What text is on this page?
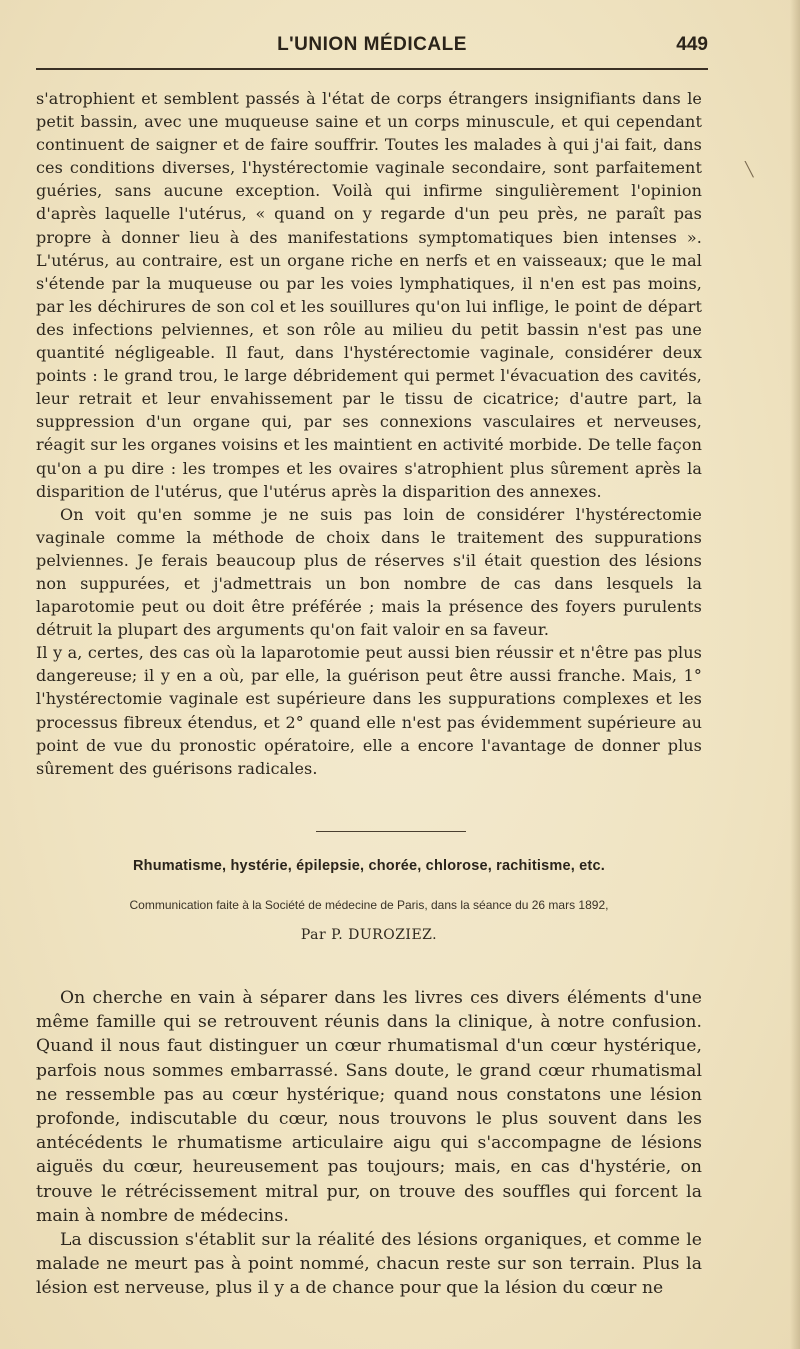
L'UNION MÉDICALE	449
╲

s'atrophient et semblent passés à l'état de corps étrangers insignifiants dans le petit bassin, avec une muqueuse saine et un corps minuscule, et qui cependant continuent de saigner et de faire souffrir. Toutes les malades à qui j'ai fait, dans ces conditions diverses, l'hystérectomie vaginale secondaire, sont parfaitement guéries, sans aucune exception. Voilà qui infirme singulièrement l'opinion d'après laquelle l'utérus, « quand on y regarde d'un peu près, ne paraît pas propre à donner lieu à des manifestations symptomatiques bien intenses ». L'utérus, au contraire, est un organe riche en nerfs et en vaisseaux; que le mal s'étende par la muqueuse ou par les voies lymphatiques, il n'en est pas moins, par les déchirures de son col et les souillures qu'on lui inflige, le point de départ des infections pelviennes, et son rôle au milieu du petit bassin n'est pas une quantité négligeable. Il faut, dans l'hystérectomie vaginale, considérer deux points : le grand trou, le large débridement qui permet l'évacuation des cavités, leur retrait et leur envahissement par le tissu de cicatrice; d'autre part, la suppression d'un organe qui, par ses connexions vasculaires et nerveuses, réagit sur les organes voisins et les maintient en activité morbide. De telle façon qu'on a pu dire : les trompes et les ovaires s'atrophient plus sûrement après la disparition de l'utérus, que l'utérus après la disparition des annexes.

On voit qu'en somme je ne suis pas loin de considérer l'hystérectomie vaginale comme la méthode de choix dans le traitement des suppurations pelviennes. Je ferais beaucoup plus de réserves s'il était question des lésions non suppurées, et j'admettrais un bon nombre de cas dans lesquels la laparotomie peut ou doit être préférée ; mais la présence des foyers purulents détruit la plupart des arguments qu'on fait valoir en sa faveur.

Il y a, certes, des cas où la laparotomie peut aussi bien réussir et n'être pas plus dangereuse; il y en a où, par elle, la guérison peut être aussi franche. Mais, 1° l'hystérectomie vaginale est supérieure dans les suppurations complexes et les processus fibreux étendus, et 2° quand elle n'est pas évidemment supérieure au point de vue du pronostic opératoire, elle a encore l'avantage de donner plus sûrement des guérisons radicales.

Rhumatisme, hystérie, épilepsie, chorée, chlorose, rachitisme, etc.
Communication faite à la Société de médecine de Paris, dans la séance du 26 mars 1892,
Par P. DUROZIEZ.

On cherche en vain à séparer dans les livres ces divers éléments d'une même famille qui se retrouvent réunis dans la clinique, à notre confusion. Quand il nous faut distinguer un cœur rhumatismal d'un cœur hystérique, parfois nous sommes embarrassé. Sans doute, le grand cœur rhumatismal ne ressemble pas au cœur hystérique; quand nous constatons une lésion profonde, indiscutable du cœur, nous trouvons le plus souvent dans les antécédents le rhumatisme articulaire aigu qui s'accompagne de lésions aiguës du cœur, heureusement pas toujours; mais, en cas d'hystérie, on trouve le rétrécissement mitral pur, on trouve des souffles qui forcent la main à nombre de médecins.

La discussion s'établit sur la réalité des lésions organiques, et comme le malade ne meurt pas à point nommé, chacun reste sur son terrain. Plus la lésion est nerveuse, plus il y a de chance pour que la lésion du cœur ne
